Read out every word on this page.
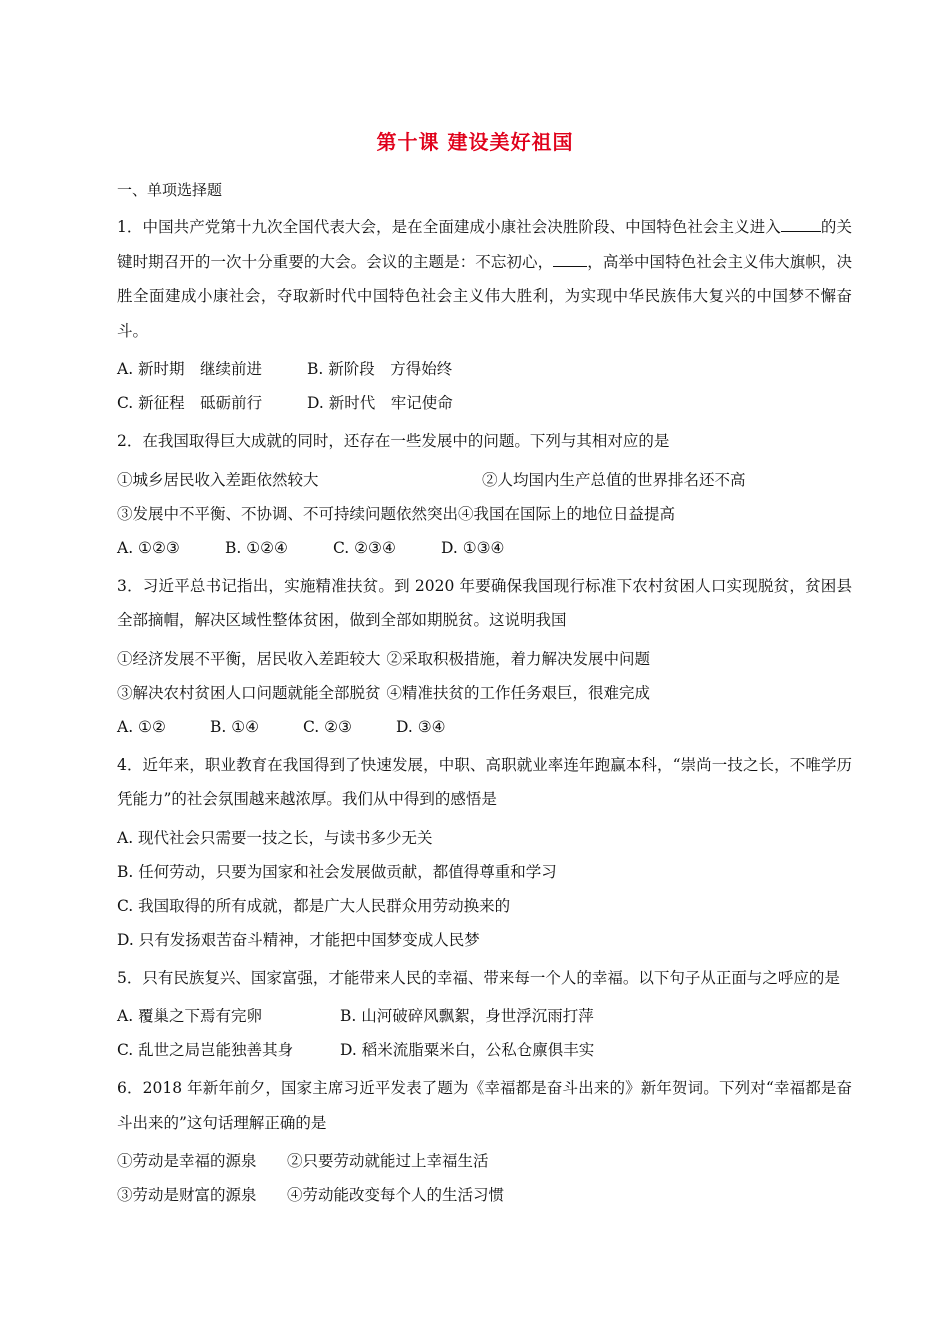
第十课 建设美好祖国
一、单项选择题
1．中国共产党第十九次全国代表大会，是在全面建成小康社会决胜阶段、中国特色社会主义进入	的关键时期召开的一次十分重要的大会。会议的主题是：不忘初心， ，高举中国特色社会主义伟大旗帜，决胜全面建成小康社会，夺取新时代中国特色社会主义伟大胜利，为实现中华民族伟大复兴的中国梦不懈奋斗。
A. 新时期　继续前进	B. 新阶段　方得始终
C. 新征程　砥砺前行	D. 新时代　牢记使命
2．在我国取得巨大成就的同时，还存在一些发展中的问题。下列与其相对应的是
①城乡居民收入差距依然较大	②人均国内生产总值的世界排名还不高
③发展中不平衡、不协调、不可持续问题依然突出④我国在国际上的地位日益提高
A. ①②③	B. ①②④	C. ②③④	D. ①③④
3．习近平总书记指出，实施精准扶贫。到 2020 年要确保我国现行标准下农村贫困人口实现脱贫，贫困县全部摘帽，解决区域性整体贫困，做到全部如期脱贫。这说明我国
①经济发展不平衡，居民收入差距较大 ②采取积极措施，着力解决发展中问题
③解决农村贫困人口问题就能全部脱贫 ④精准扶贫的工作任务艰巨，很难完成
A. ①②	B. ①④	C. ②③	D. ③④
4．近年来，职业教育在我国得到了快速发展，中职、高职就业率连年跑赢本科，“崇尚一技之长，不唯学历凭能力”的社会氛围越来越浓厚。我们从中得到的感悟是
A. 现代社会只需要一技之长，与读书多少无关
B. 任何劳动，只要为国家和社会发展做贡献，都值得尊重和学习
C. 我国取得的所有成就，都是广大人民群众用劳动换来的
D. 只有发扬艰苦奋斗精神，才能把中国梦变成人民梦
5．只有民族复兴、国家富强，才能带来人民的幸福、带来每一个人的幸福。以下句子从正面与之呼应的是
A. 覆巢之下焉有完卵	B. 山河破碎风飘絮，身世浮沉雨打萍
C. 乱世之局岂能独善其身	D. 稻米流脂粟米白，公私仓廪俱丰实
6．2018 年新年前夕，国家主席习近平发表了题为《幸福都是奋斗出来的》新年贺词。下列对“幸福都是奋斗出来的”这句话理解正确的是
①劳动是幸福的源泉 ②只要劳动就能过上幸福生活
③劳动是财富的源泉 ④劳动能改变每个人的生活习惯
